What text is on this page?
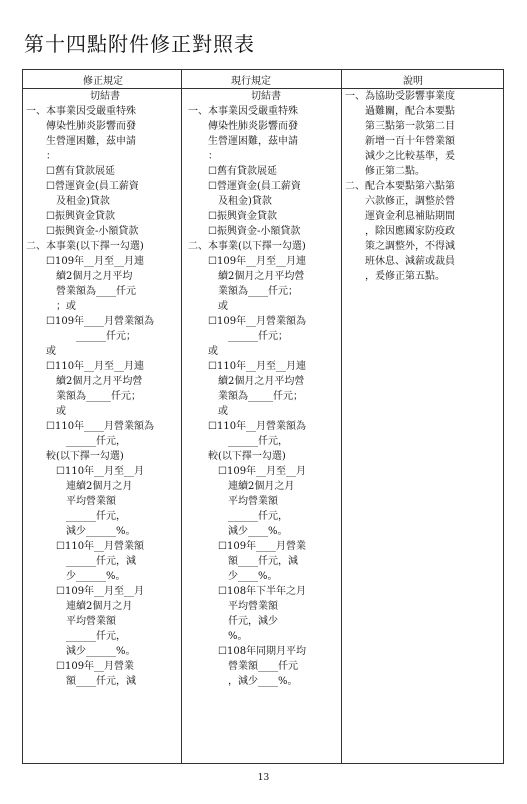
第十四點附件修正對照表
修正規定	現行規定	說明
切結書
一、本事業因受嚴重特殊
　　傳染性肺炎影響而發
　　生營運困難，茲申請
　　：
　　☐舊有貸款展延
　　☐營運資金(員工薪資
　　　及租金)貸款
　　☐振興資金貸款
　　☐振興資金-小額貸款
二、本事業(以下擇一勾選)
　　☐109年__月至__月連
　　　續2個月之月平均
　　　營業額為____仟元
　　　；或
　　☐109年____月營業額為
　　　　　______仟元；
　　或
　　☐110年__月至__月連
　　　續2個月之月平均營
　　　業額為_____仟元；
　　　或
　　☐110年____月營業額為
　　　　______仟元，
　　較(以下擇一勾選)
　　　☐110年__月至__月
　　　　連續2個月之月
　　　　平均營業額
　　　　______仟元，
　　　　減少______%。
　　　☐110年__月營業額
　　　　______仟元，減
　　　　少______%。
　　　☐109年__月至__月
　　　　連續2個月之月
　　　　平均營業額
　　　　______仟元，
　　　　減少______%。
　　　☐109年__月營業
　　　　額____仟元，減
切結書
一、本事業因受嚴重特殊
　　傳染性肺炎影響而發
　　生營運困難，茲申請
　　：
　　☐舊有貸款展延
　　☐營運資金(員工薪資
　　　及租金)貸款
　　☐振興資金貸款
　　☐振興資金-小額貸款
二、本事業(以下擇一勾選)
　　☐109年__月至__月連
　　　續2個月之月平均營
　　　業額為____仟元；
　　　或
　　☐109年__月營業額為
　　　　______仟元；
　　或
　　☐110年__月至__月連
　　　續2個月之月平均營
　　　業額為_____仟元；
　　　或
　　☐110年__月營業額為
　　　　______仟元，
　　較(以下擇一勾選)
　　　☐109年__月至__月
　　　　連續2個月之月
　　　　平均營業額
　　　　______仟元，
　　　　減少____%。
　　　☐109年____月營業
　　　　額____仟元，減
　　　　少____%。
　　　☐108年下半年之月
　　　　平均營業額
　　　　仟元，減少
　　　　%。
　　　☐108年同期月平均
　　　　營業額____仟元
　　　　，減少____%。
一、為協助受影響事業度
　　過難關，配合本要點
　　第三點第一款第二目
　　新增一百十年營業額
　　減少之比較基準，爰
　　修正第二點。
二、配合本要點第六點第
　　六款修正，調整於營
　　運資金利息補貼期間
　　，除因應國家防疫政
　　策之調整外，不得減
　　班休息、減薪或裁員
　　，爰修正第五點。
13
